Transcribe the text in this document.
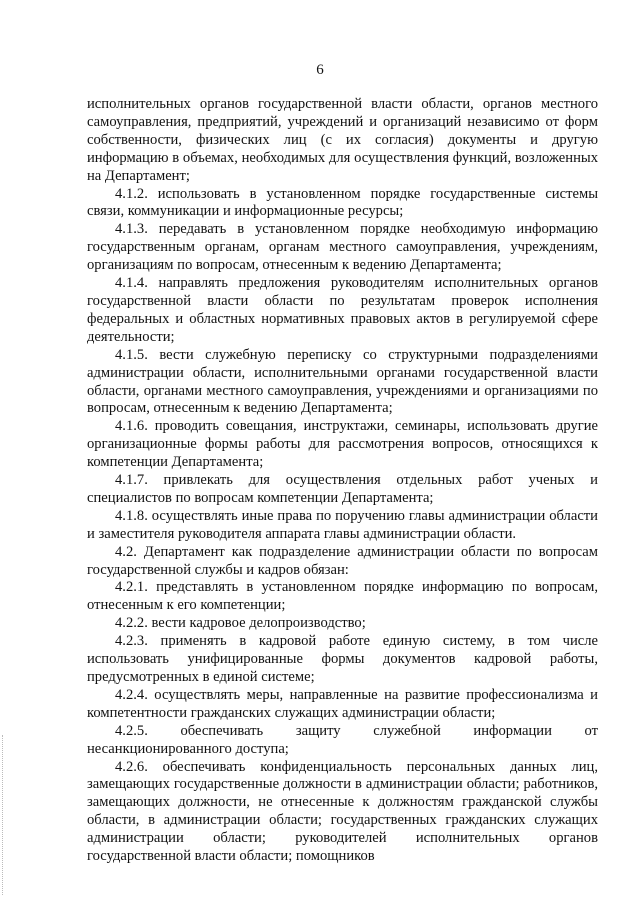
6

исполнительных органов государственной власти области, органов местного самоуправления, предприятий, учреждений и организаций независимо от форм собственности, физических лиц (с их согласия) документы и другую информацию в объемах, необходимых для осуществления функций, возложенных на Департамент;

4.1.2. использовать в установленном порядке государственные системы связи, коммуникации и информационные ресурсы;

4.1.3. передавать в установленном порядке необходимую информацию государственным органам, органам местного самоуправления, учреждениям, организациям по вопросам, отнесенным к ведению Департамента;

4.1.4. направлять предложения руководителям исполнительных органов государственной власти области по результатам проверок исполнения федеральных и областных нормативных правовых актов в регулируемой сфере деятельности;

4.1.5. вести служебную переписку со структурными подразделениями администрации области, исполнительными органами государственной власти области, органами местного самоуправления, учреждениями и организациями по вопросам, отнесенным к ведению Департамента;

4.1.6. проводить совещания, инструктажи, семинары, использовать другие организационные формы работы для рассмотрения вопросов, относящихся к компетенции Департамента;

4.1.7. привлекать для осуществления отдельных работ ученых и специалистов по вопросам компетенции Департамента;

4.1.8. осуществлять иные права по поручению главы администрации области и заместителя руководителя аппарата главы администрации области.

4.2. Департамент как подразделение администрации области по вопросам государственной службы и кадров обязан:

4.2.1. представлять в установленном порядке информацию по вопросам, отнесенным к его компетенции;

4.2.2. вести кадровое делопроизводство;

4.2.3. применять в кадровой работе единую систему, в том числе использовать унифицированные формы документов кадровой работы, предусмотренных в единой системе;

4.2.4. осуществлять меры, направленные на развитие профессионализма и компетентности гражданских служащих администрации области;

4.2.5. обеспечивать защиту служебной информации от несанкционированного доступа;

4.2.6. обеспечивать конфиденциальность персональных данных лиц, замещающих государственные должности в администрации области; работников, замещающих должности, не отнесенные к должностям гражданской службы области, в администрации области; государственных гражданских служащих администрации области; руководителей исполнительных органов государственной власти области; помощников
